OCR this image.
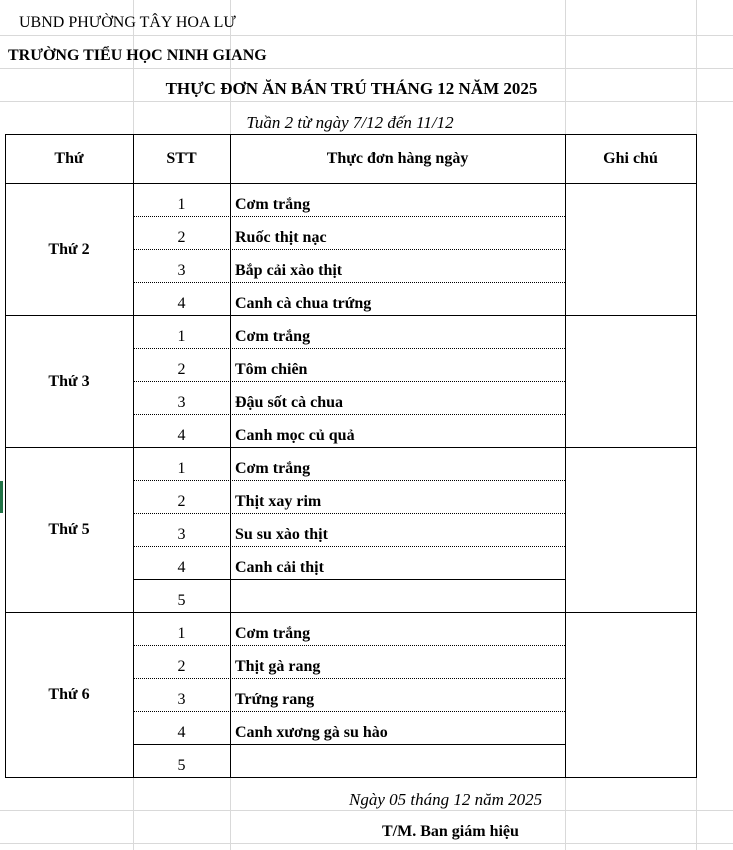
UBND PHƯỜNG TÂY HOA LƯ
TRƯỜNG TIỂU HỌC NINH GIANG
THỰC ĐƠN ĂN BÁN TRÚ THÁNG 12 NĂM 2025
Tuần 2 từ ngày 7/12 đến 11/12
Thứ	STT	Thực đơn hàng ngày	Ghi chú
Thứ 2
1	Cơm trắng
2	Ruốc thịt nạc
3	Bắp cải xào thịt
4	Canh cà chua trứng
Thứ 3
1	Cơm trắng
2	Tôm chiên
3	Đậu sốt cà chua
4	Canh mọc củ quả
Thứ 5
1	Cơm trắng
2	Thịt xay rim
3	Su su xào thịt
4	Canh cải thịt
5
Thứ 6
1	Cơm trắng
2	Thịt gà rang
3	Trứng rang
4	Canh xương gà su hào
5
Ngày 05 tháng 12 năm 2025
T/M. Ban giám hiệu
